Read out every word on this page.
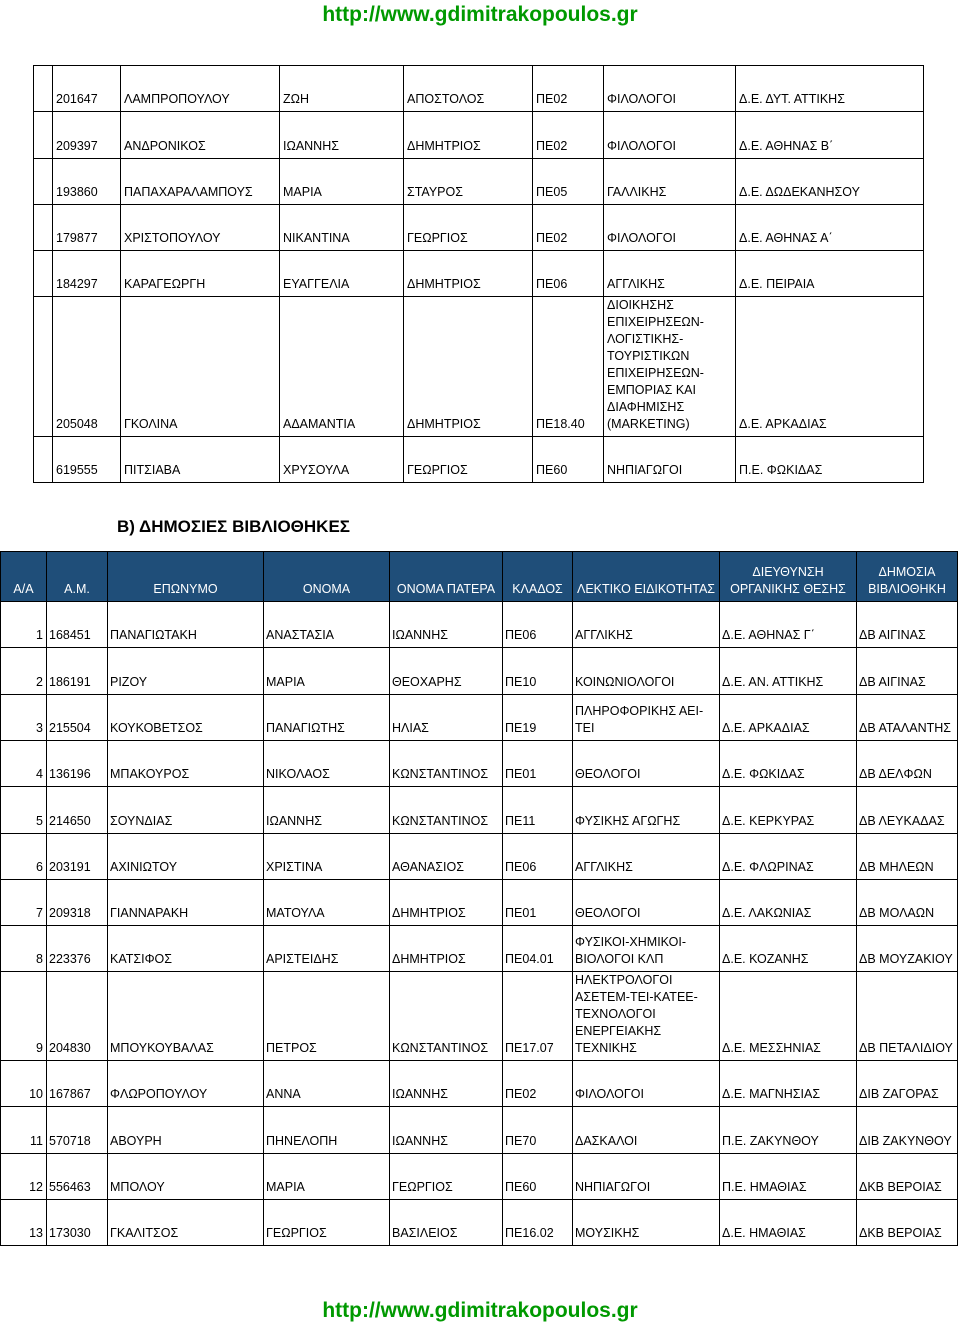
http://www.gdimitrakopoulos.gr
	201647	ΛΑΜΠΡΟΠΟΥΛΟΥ	ΖΩΗ	ΑΠΟΣΤΟΛΟΣ	ΠΕ02	ΦΙΛΟΛΟΓΟΙ	Δ.Ε. ΔΥΤ. ΑΤΤΙΚΗΣ
	209397	ΑΝΔΡΟΝΙΚΟΣ	ΙΩΑΝΝΗΣ	ΔΗΜΗΤΡΙΟΣ	ΠΕ02	ΦΙΛΟΛΟΓΟΙ	Δ.Ε. ΑΘΗΝΑΣ Β΄
	193860	ΠΑΠΑΧΑΡΑΛΑΜΠΟΥΣ	ΜΑΡΙΑ	ΣΤΑΥΡΟΣ	ΠΕ05	ΓΑΛΛΙΚΗΣ	Δ.Ε. ΔΩΔΕΚΑΝΗΣΟΥ
	179877	ΧΡΙΣΤΟΠΟΥΛΟΥ	ΝΙΚΑΝΤΙΝΑ	ΓΕΩΡΓΙΟΣ	ΠΕ02	ΦΙΛΟΛΟΓΟΙ	Δ.Ε. ΑΘΗΝΑΣ Α΄
	184297	ΚΑΡΑΓΕΩΡΓΗ	ΕΥΑΓΓΕΛΙΑ	ΔΗΜΗΤΡΙΟΣ	ΠΕ06	ΑΓΓΛΙΚΗΣ	Δ.Ε. ΠΕΙΡΑΙΑ
	205048	ΓΚΟΛΙΝΑ	ΑΔΑΜΑΝΤΙΑ	ΔΗΜΗΤΡΙΟΣ	ΠΕ18.40	ΔΙΟΙΚΗΣΗΣ ΕΠΙΧΕΙΡΗΣΕΩΝ-ΛΟΓΙΣΤΙΚΗΣ-ΤΟΥΡΙΣΤΙΚΩΝ ΕΠΙΧΕΙΡΗΣΕΩΝ-ΕΜΠΟΡΙΑΣ ΚΑΙ ΔΙΑΦΗΜΙΣΗΣ (MARKETING)	Δ.Ε. ΑΡΚΑΔΙΑΣ
	619555	ΠΙΤΣΙΑΒΑ	ΧΡΥΣΟΥΛΑ	ΓΕΩΡΓΙΟΣ	ΠΕ60	ΝΗΠΙΑΓΩΓΟΙ	Π.Ε. ΦΩΚΙΔΑΣ
Β) ΔΗΜΟΣΙΕΣ ΒΙΒΛΙΟΘΗΚΕΣ
Α/Α	Α.Μ.	ΕΠΩΝΥΜΟ	ΟΝΟΜΑ	ΟΝΟΜΑ ΠΑΤΕΡΑ	ΚΛΑΔΟΣ	ΛΕΚΤΙΚΟ ΕΙΔΙΚΟΤΗΤΑΣ	ΔΙΕΥΘΥΝΣΗ ΟΡΓΑΝΙΚΗΣ ΘΕΣΗΣ	ΔΗΜΟΣΙΑ ΒΙΒΛΙΟΘΗΚΗ
1	168451	ΠΑΝΑΓΙΩΤΑΚΗ	ΑΝΑΣΤΑΣΙΑ	ΙΩΑΝΝΗΣ	ΠΕ06	ΑΓΓΛΙΚΗΣ	Δ.Ε. ΑΘΗΝΑΣ Γ΄	ΔΒ ΑΙΓΙΝΑΣ
2	186191	ΡΙΖΟΥ	ΜΑΡΙΑ	ΘΕΟΧΑΡΗΣ	ΠΕ10	ΚΟΙΝΩΝΙΟΛΟΓΟΙ	Δ.Ε. ΑΝ. ΑΤΤΙΚΗΣ	ΔΒ ΑΙΓΙΝΑΣ
3	215504	ΚΟΥΚΟΒΕΤΣΟΣ	ΠΑΝΑΓΙΩΤΗΣ	ΗΛΙΑΣ	ΠΕ19	ΠΛΗΡΟΦΟΡΙΚΗΣ ΑΕΙ-ΤΕΙ	Δ.Ε. ΑΡΚΑΔΙΑΣ	ΔΒ ΑΤΑΛΑΝΤΗΣ
4	136196	ΜΠΑΚΟΥΡΟΣ	ΝΙΚΟΛΑΟΣ	ΚΩΝΣΤΑΝΤΙΝΟΣ	ΠΕ01	ΘΕΟΛΟΓΟΙ	Δ.Ε. ΦΩΚΙΔΑΣ	ΔΒ ΔΕΛΦΩΝ
5	214650	ΣΟΥΝΔΙΑΣ	ΙΩΑΝΝΗΣ	ΚΩΝΣΤΑΝΤΙΝΟΣ	ΠΕ11	ΦΥΣΙΚΗΣ ΑΓΩΓΗΣ	Δ.Ε. ΚΕΡΚΥΡΑΣ	ΔΒ ΛΕΥΚΑΔΑΣ
6	203191	ΑΧΙΝΙΩΤΟΥ	ΧΡΙΣΤΙΝΑ	ΑΘΑΝΑΣΙΟΣ	ΠΕ06	ΑΓΓΛΙΚΗΣ	Δ.Ε. ΦΛΩΡΙΝΑΣ	ΔΒ ΜΗΛΕΩΝ
7	209318	ΓΙΑΝΝΑΡΑΚΗ	ΜΑΤΟΥΛΑ	ΔΗΜΗΤΡΙΟΣ	ΠΕ01	ΘΕΟΛΟΓΟΙ	Δ.Ε. ΛΑΚΩΝΙΑΣ	ΔΒ ΜΟΛΑΩΝ
8	223376	ΚΑΤΣΙΦΟΣ	ΑΡΙΣΤΕΙΔΗΣ	ΔΗΜΗΤΡΙΟΣ	ΠΕ04.01	ΦΥΣΙΚΟΙ-ΧΗΜΙΚΟΙ-ΒΙΟΛΟΓΟΙ ΚΛΠ	Δ.Ε. ΚΟΖΑΝΗΣ	ΔΒ ΜΟΥΖΑΚΙΟΥ
9	204830	ΜΠΟΥΚΟΥΒΑΛΑΣ	ΠΕΤΡΟΣ	ΚΩΝΣΤΑΝΤΙΝΟΣ	ΠΕ17.07	ΗΛΕΚΤΡΟΛΟΓΟΙ ΑΣΕΤΕΜ-ΤΕΙ-ΚΑΤΕΕ-ΤΕΧΝΟΛΟΓΟΙ ΕΝΕΡΓΕΙΑΚΗΣ ΤΕΧΝΙΚΗΣ	Δ.Ε. ΜΕΣΣΗΝΙΑΣ	ΔΒ ΠΕΤΑΛΙΔΙΟΥ
10	167867	ΦΛΩΡΟΠΟΥΛΟΥ	ΑΝΝΑ	ΙΩΑΝΝΗΣ	ΠΕ02	ΦΙΛΟΛΟΓΟΙ	Δ.Ε. ΜΑΓΝΗΣΙΑΣ	ΔΙΒ ΖΑΓΟΡΑΣ
11	570718	ΑΒΟΥΡΗ	ΠΗΝΕΛΟΠΗ	ΙΩΑΝΝΗΣ	ΠΕ70	ΔΑΣΚΑΛΟΙ	Π.Ε. ΖΑΚΥΝΘΟΥ	ΔΙΒ ΖΑΚΥΝΘΟΥ
12	556463	ΜΠΟΛΟΥ	ΜΑΡΙΑ	ΓΕΩΡΓΙΟΣ	ΠΕ60	ΝΗΠΙΑΓΩΓΟΙ	Π.Ε. ΗΜΑΘΙΑΣ	ΔΚΒ ΒΕΡΟΙΑΣ
13	173030	ΓΚΑΛΙΤΣΟΣ	ΓΕΩΡΓΙΟΣ	ΒΑΣΙΛΕΙΟΣ	ΠΕ16.02	ΜΟΥΣΙΚΗΣ	Δ.Ε. ΗΜΑΘΙΑΣ	ΔΚΒ ΒΕΡΟΙΑΣ
http://www.gdimitrakopoulos.gr
